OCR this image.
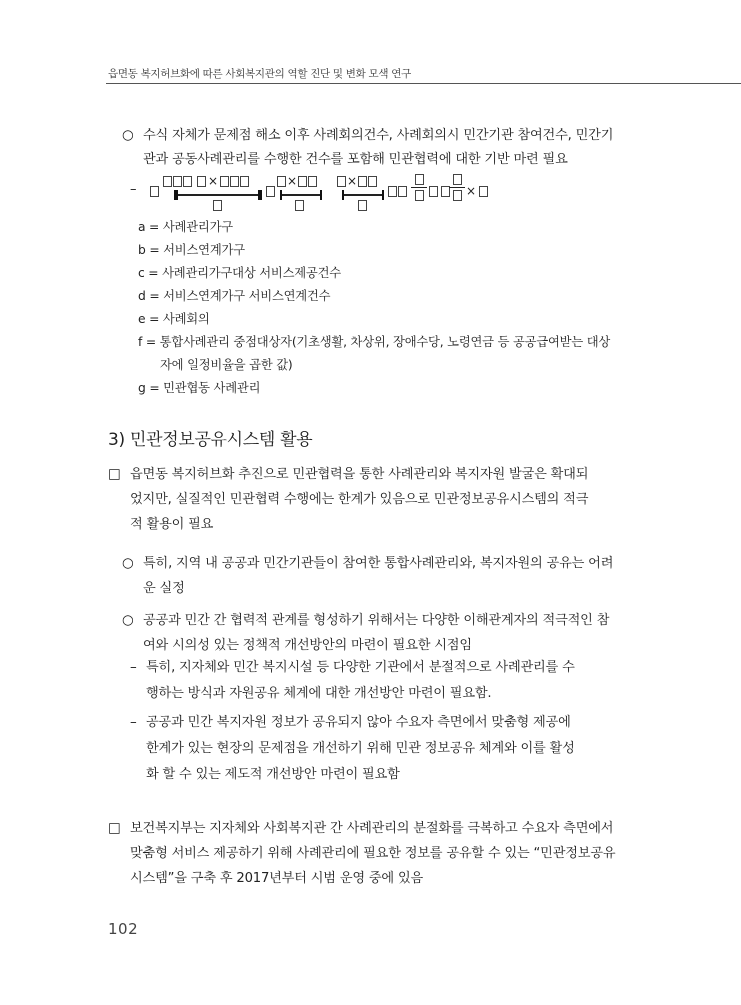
읍면동 복지허브화에 따른 사회복지관의 역할 진단 및 변화 모색 연구
○ 수식 자체가 문제점 해소 이후 사례회의건수, 사례회의시 민간기관 참여건수, 민간기
관과 공동사례관리를 수행한 건수를 포함해 민관협력에 대한 기반 마련 필요
–
×	×	×
×
a = 사례관리가구
b = 서비스연계가구
c = 사례관리가구대상 서비스제공건수
d = 서비스연계가구 서비스연계건수
e = 사례회의
f = 통합사례관리 중점대상자(기초생활, 차상위, 장애수당, 노령연금 등 공공급여받는 대상
자에 일정비율을 곱한 값)
g = 민관협동 사례관리
3) 민관정보공유시스템 활용
□ 읍면동 복지허브화 추진으로 민관협력을 통한 사례관리와 복지자원 발굴은 확대되
었지만, 실질적인 민관협력 수행에는 한계가 있음으로 민관정보공유시스템의 적극
적 활용이 필요
○ 특히, 지역 내 공공과 민간기관들이 참여한 통합사례관리와, 복지자원의 공유는 어려
운 실정
○ 공공과 민간 간 협력적 관계를 형성하기 위해서는 다양한 이해관계자의 적극적인 참
여와 시의성 있는 정책적 개선방안의 마련이 필요한 시점임
– 특히, 지자체와 민간 복지시설 등 다양한 기관에서 분절적으로 사례관리를 수
행하는 방식과 자원공유 체계에 대한 개선방안 마련이 필요함.
– 공공과 민간 복지자원 정보가 공유되지 않아 수요자 측면에서 맞춤형 제공에
한계가 있는 현장의 문제점을 개선하기 위해 민관 정보공유 체계와 이를 활성
화 할 수 있는 제도적 개선방안 마련이 필요함
□ 보건복지부는 지자체와 사회복지관 간 사례관리의 분절화를 극복하고 수요자 측면에서
맞춤형 서비스 제공하기 위해 사례관리에 필요한 정보를 공유할 수 있는 “민관정보공유
시스템”을 구축 후 2017년부터 시범 운영 중에 있음
102
